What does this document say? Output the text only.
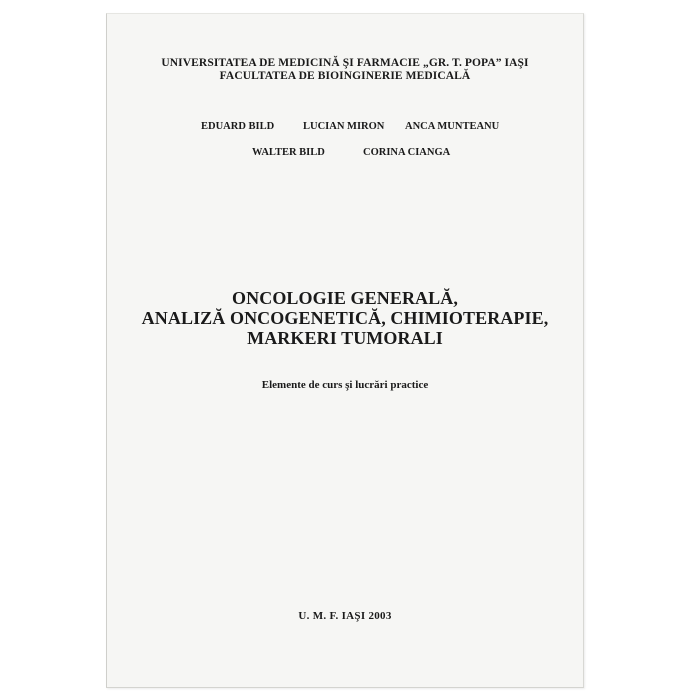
UNIVERSITATEA DE MEDICINĂ ŞI FARMACIE „GR. T. POPA” IAŞI
FACULTATEA DE BIOINGINERIE MEDICALĂ
EDUARD BILD	LUCIAN MIRON ANCA MUNTEANU
WALTER BILD	CORINA CIANGA
ONCOLOGIE GENERALĂ,
ANALIZĂ ONCOGENETICĂ, CHIMIOTERAPIE,
MARKERI TUMORALI
Elemente de curs şi lucrări practice
U. M. F. IAŞI 2003
